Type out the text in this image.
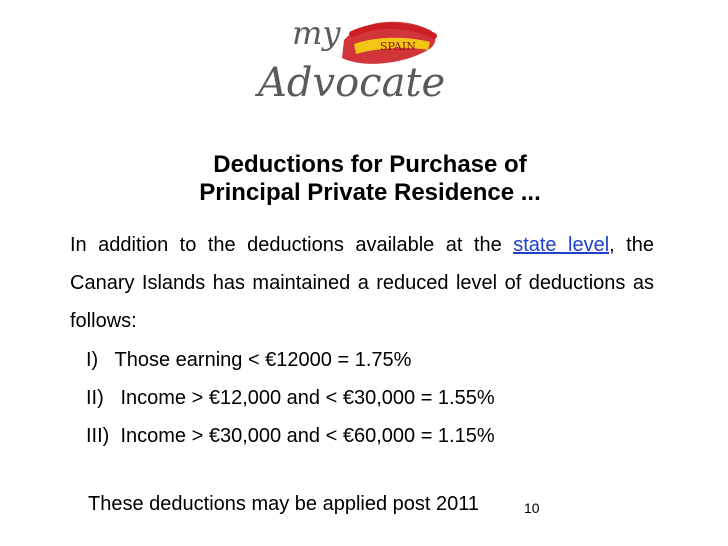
SPAIN
my
Advocate
Deductions for Purchase of
Principal Private Residence ...
In addition to the deductions available at the state level, the Canary Islands has maintained a reduced level of deductions as follows:
I)   Those earning < €12000 = 1.75%
II)   Income > €12,000 and < €30,000 = 1.55%
III)  Income > €30,000 and < €60,000 = 1.15%
These deductions may be applied post 2011	10
